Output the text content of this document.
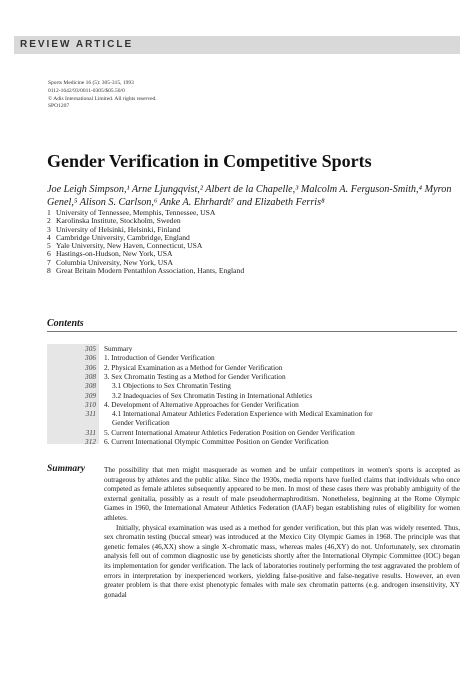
REVIEW ARTICLE
Sports Medicine 16 (5): 305-315, 1993
0112-1642/93/0011-0305/$05.50/0
© Adis International Limited. All rights reserved.
SPO1207
Gender Verification in Competitive Sports
Joe Leigh Simpson,¹ Arne Ljungqvist,² Albert de la Chapelle,³ Malcolm A. Ferguson-Smith,⁴ Myron Genel,⁵ Alison S. Carlson,⁶ Anke A. Ehrhardt⁷ and Elizabeth Ferris⁸
1 University of Tennessee, Memphis, Tennessee, USA
2 Karolinska Institute, Stockholm, Sweden
3 University of Helsinki, Helsinki, Finland
4 Cambridge University, Cambridge, England
5 Yale University, New Haven, Connecticut, USA
6 Hastings-on-Hudson, New York, USA
7 Columbia University, New York, USA
8 Great Britain Modern Pentathlon Association, Hants, England
Contents
305 Summary
306 1. Introduction of Gender Verification
306 2. Physical Examination as a Method for Gender Verification
308 3. Sex Chromatin Testing as a Method for Gender Verification
308 3.1 Objections to Sex Chromatin Testing
309 3.2 Inadequacies of Sex Chromatin Testing in International Athletics
310 4. Development of Alternative Approaches for Gender Verification
311 4.1 International Amateur Athletics Federation Experience with Medical Examination for
Gender Verification
311 5. Current International Amateur Athletics Federation Position on Gender Verification
312 6. Current International Olympic Committee Position on Gender Verification
Summary	The possibility that men might masquerade as women and be unfair competitors in women's sports is accepted as outrageous by athletes and the public alike. Since the 1930s, media reports have fuelled claims that individuals who once competed as female athletes subsequently appeared to be men. In most of these cases there was probably ambiguity of the external genitalia, possibly as a result of male pseudohermaphroditism. Nonetheless, beginning at the Rome Olympic Games in 1960, the International Amateur Athletics Federation (IAAF) began establishing rules of eligibility for women athletes.

Initially, physical examination was used as a method for gender verification, but this plan was widely resented. Thus, sex chromatin testing (buccal smear) was introduced at the Mexico City Olympic Games in 1968. The principle was that genetic females (46,XX) show a single X-chromatic mass, whereas males (46,XY) do not. Unfortunately, sex chromatin analysis fell out of common diagnostic use by geneticists shortly after the International Olympic Committee (IOC) began its implementation for gender verification. The lack of laboratories routinely performing the test aggravated the problem of errors in interpretation by inexperienced workers, yielding false-positive and false-negative results. However, an even greater problem is that there exist phenotypic females with male sex chromatin patterns (e.g. androgen insensitivity, XY gonadal
